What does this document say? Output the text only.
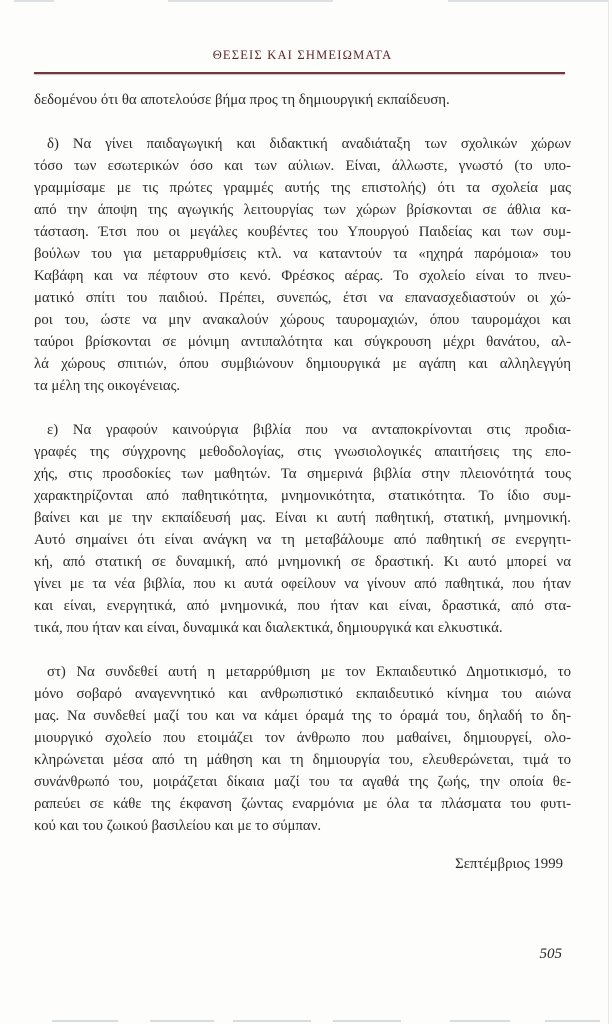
ΘΕΣΕΙΣ ΚΑΙ ΣΗΜΕΙΩΜΑΤΑ
δεδομένου ότι θα αποτελούσε βήμα προς τη δημιουργική εκπαίδευση.
δ) Να γίνει παιδαγωγική και διδακτική αναδιάταξη των σχολικών χώρων
τόσο των εσωτερικών όσο και των αύλιων. Είναι, άλλωστε, γνωστό (το υπο-
γραμμίσαμε με τις πρώτες γραμμές αυτής της επιστολής) ότι τα σχολεία μας
από την άποψη της αγωγικής λειτουργίας των χώρων βρίσκονται σε άθλια κα-
τάσταση. Έτσι που οι μεγάλες κουβέντες του Υπουργού Παιδείας και των συμ-
βούλων του για μεταρρυθμίσεις κτλ. να καταντούν τα «ηχηρά παρόμοια» του
Καβάφη και να πέφτουν στο κενό. Φρέσκος αέρας. Το σχολείο είναι το πνευ-
ματικό σπίτι του παιδιού. Πρέπει, συνεπώς, έτσι να επανασχεδιαστούν οι χώ-
ροι του, ώστε να μην ανακαλούν χώρους ταυρομαχιών, όπου ταυρομάχοι και
ταύροι βρίσκονται σε μόνιμη αντιπαλότητα και σύγκρουση μέχρι θανάτου, αλ-
λά χώρους σπιτιών, όπου συμβιώνουν δημιουργικά με αγάπη και αλληλεγγύη
τα μέλη της οικογένειας.
ε) Να γραφούν καινούργια βιβλία που να ανταποκρίνονται στις προδια-
γραφές της σύγχρονης μεθοδολογίας, στις γνωσιολογικές απαιτήσεις της επο-
χής, στις προσδοκίες των μαθητών. Τα σημερινά βιβλία στην πλειονότητά τους
χαρακτηρίζονται από παθητικότητα, μνημονικότητα, στατικότητα. Το ίδιο συμ-
βαίνει και με την εκπαίδευσή μας. Είναι κι αυτή παθητική, στατική, μνημονική.
Αυτό σημαίνει ότι είναι ανάγκη να τη μεταβάλουμε από παθητική σε ενεργητι-
κή, από στατική σε δυναμική, από μνημονική σε δραστική. Κι αυτό μπορεί να
γίνει με τα νέα βιβλία, που κι αυτά οφείλουν να γίνουν από παθητικά, που ήταν
και είναι, ενεργητικά, από μνημονικά, που ήταν και είναι, δραστικά, από στα-
τικά, που ήταν και είναι, δυναμικά και διαλεκτικά, δημιουργικά και ελκυστικά.
στ) Να συνδεθεί αυτή η μεταρρύθμιση με τον Εκπαιδευτικό Δημοτικισμό, το
μόνο σοβαρό αναγεννητικό και ανθρωπιστικό εκπαιδευτικό κίνημα του αιώνα
μας. Να συνδεθεί μαζί του και να κάμει όραμά της το όραμά του, δηλαδή το δη-
μιουργικό σχολείο που ετοιμάζει τον άνθρωπο που μαθαίνει, δημιουργεί, ολο-
κληρώνεται μέσα από τη μάθηση και τη δημιουργία του, ελευθερώνεται, τιμά το
συνάνθρωπό του, μοιράζεται δίκαια μαζί του τα αγαθά της ζωής, την οποία θε-
ραπεύει σε κάθε της έκφανση ζώντας εναρμόνια με όλα τα πλάσματα του φυτι-
κού και του ζωικού βασιλείου και με το σύμπαν.
Σεπτέμβριος 1999
505
